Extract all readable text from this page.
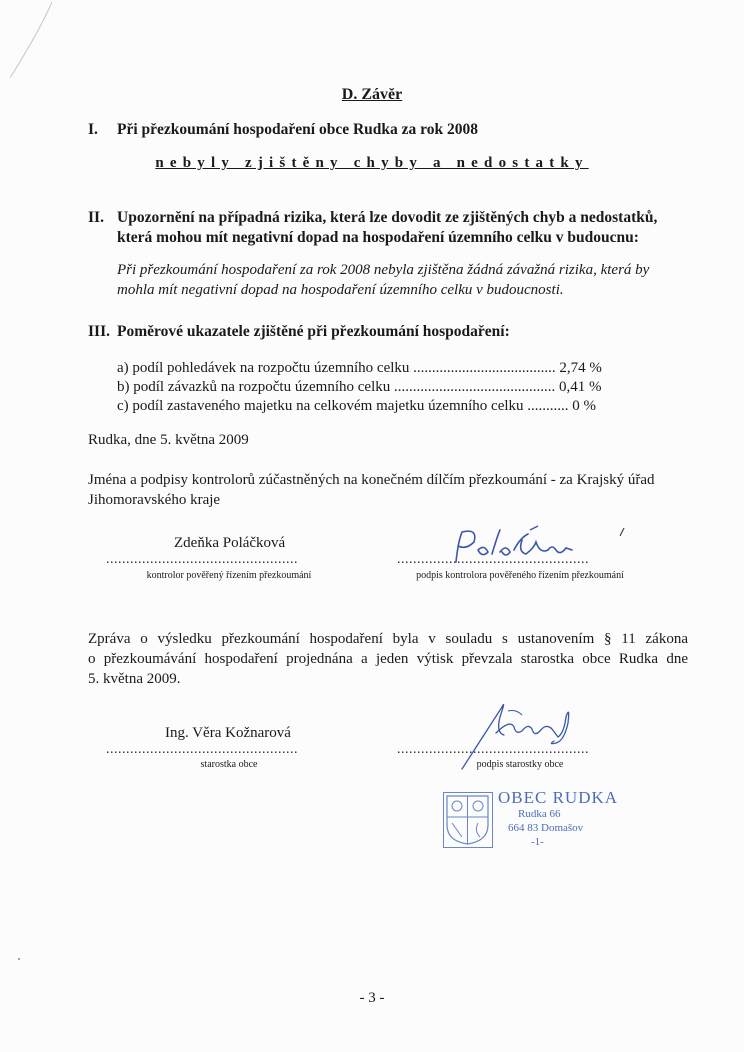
D. Závěr
I. Při přezkoumání hospodaření obce Rudka za rok 2008
nebyly zjištěny chyby a nedostatky
II. Upozornění na případná rizika, která lze dovodit ze zjištěných chyb a nedostatků,
která mohou mít negativní dopad na hospodaření územního celku v budoucnu:
Při přezkoumání hospodaření za rok 2008 nebyla zjištěna žádná závažná rizika, která by
mohla mít negativní dopad na hospodaření územního celku v budoucnosti.
III. Poměrové ukazatele zjištěné při přezkoumání hospodaření:
a) podíl pohledávek na rozpočtu územního celku ...................................... 2,74 %
b) podíl závazků na rozpočtu územního celku ........................................... 0,41 %
c) podíl zastaveného majetku na celkovém majetku územního celku ........... 0 %
Rudka, dne 5. května 2009
Jména a podpisy kontrolorů zúčastněných na konečném dílčím přezkoumání - za Krajský úřad
Jihomoravského kraje
Zdeňka Poláčková
................................................
kontrolor pověřený řízením přezkoumání
................................................
podpis kontrolora pověřeného řízením přezkoumání
Zpráva o výsledku přezkoumání hospodaření byla v souladu s ustanovením § 11 zákona
o přezkoumávání hospodaření projednána a jeden výtisk převzala starostka obce Rudka dne
5. května 2009.
Ing. Věra Kožnarová
................................................
starostka obce
................................................
podpis starostky obce
OBEC RUDKA
Rudka 66
664 83 Domašov
-1-
- 3 -
